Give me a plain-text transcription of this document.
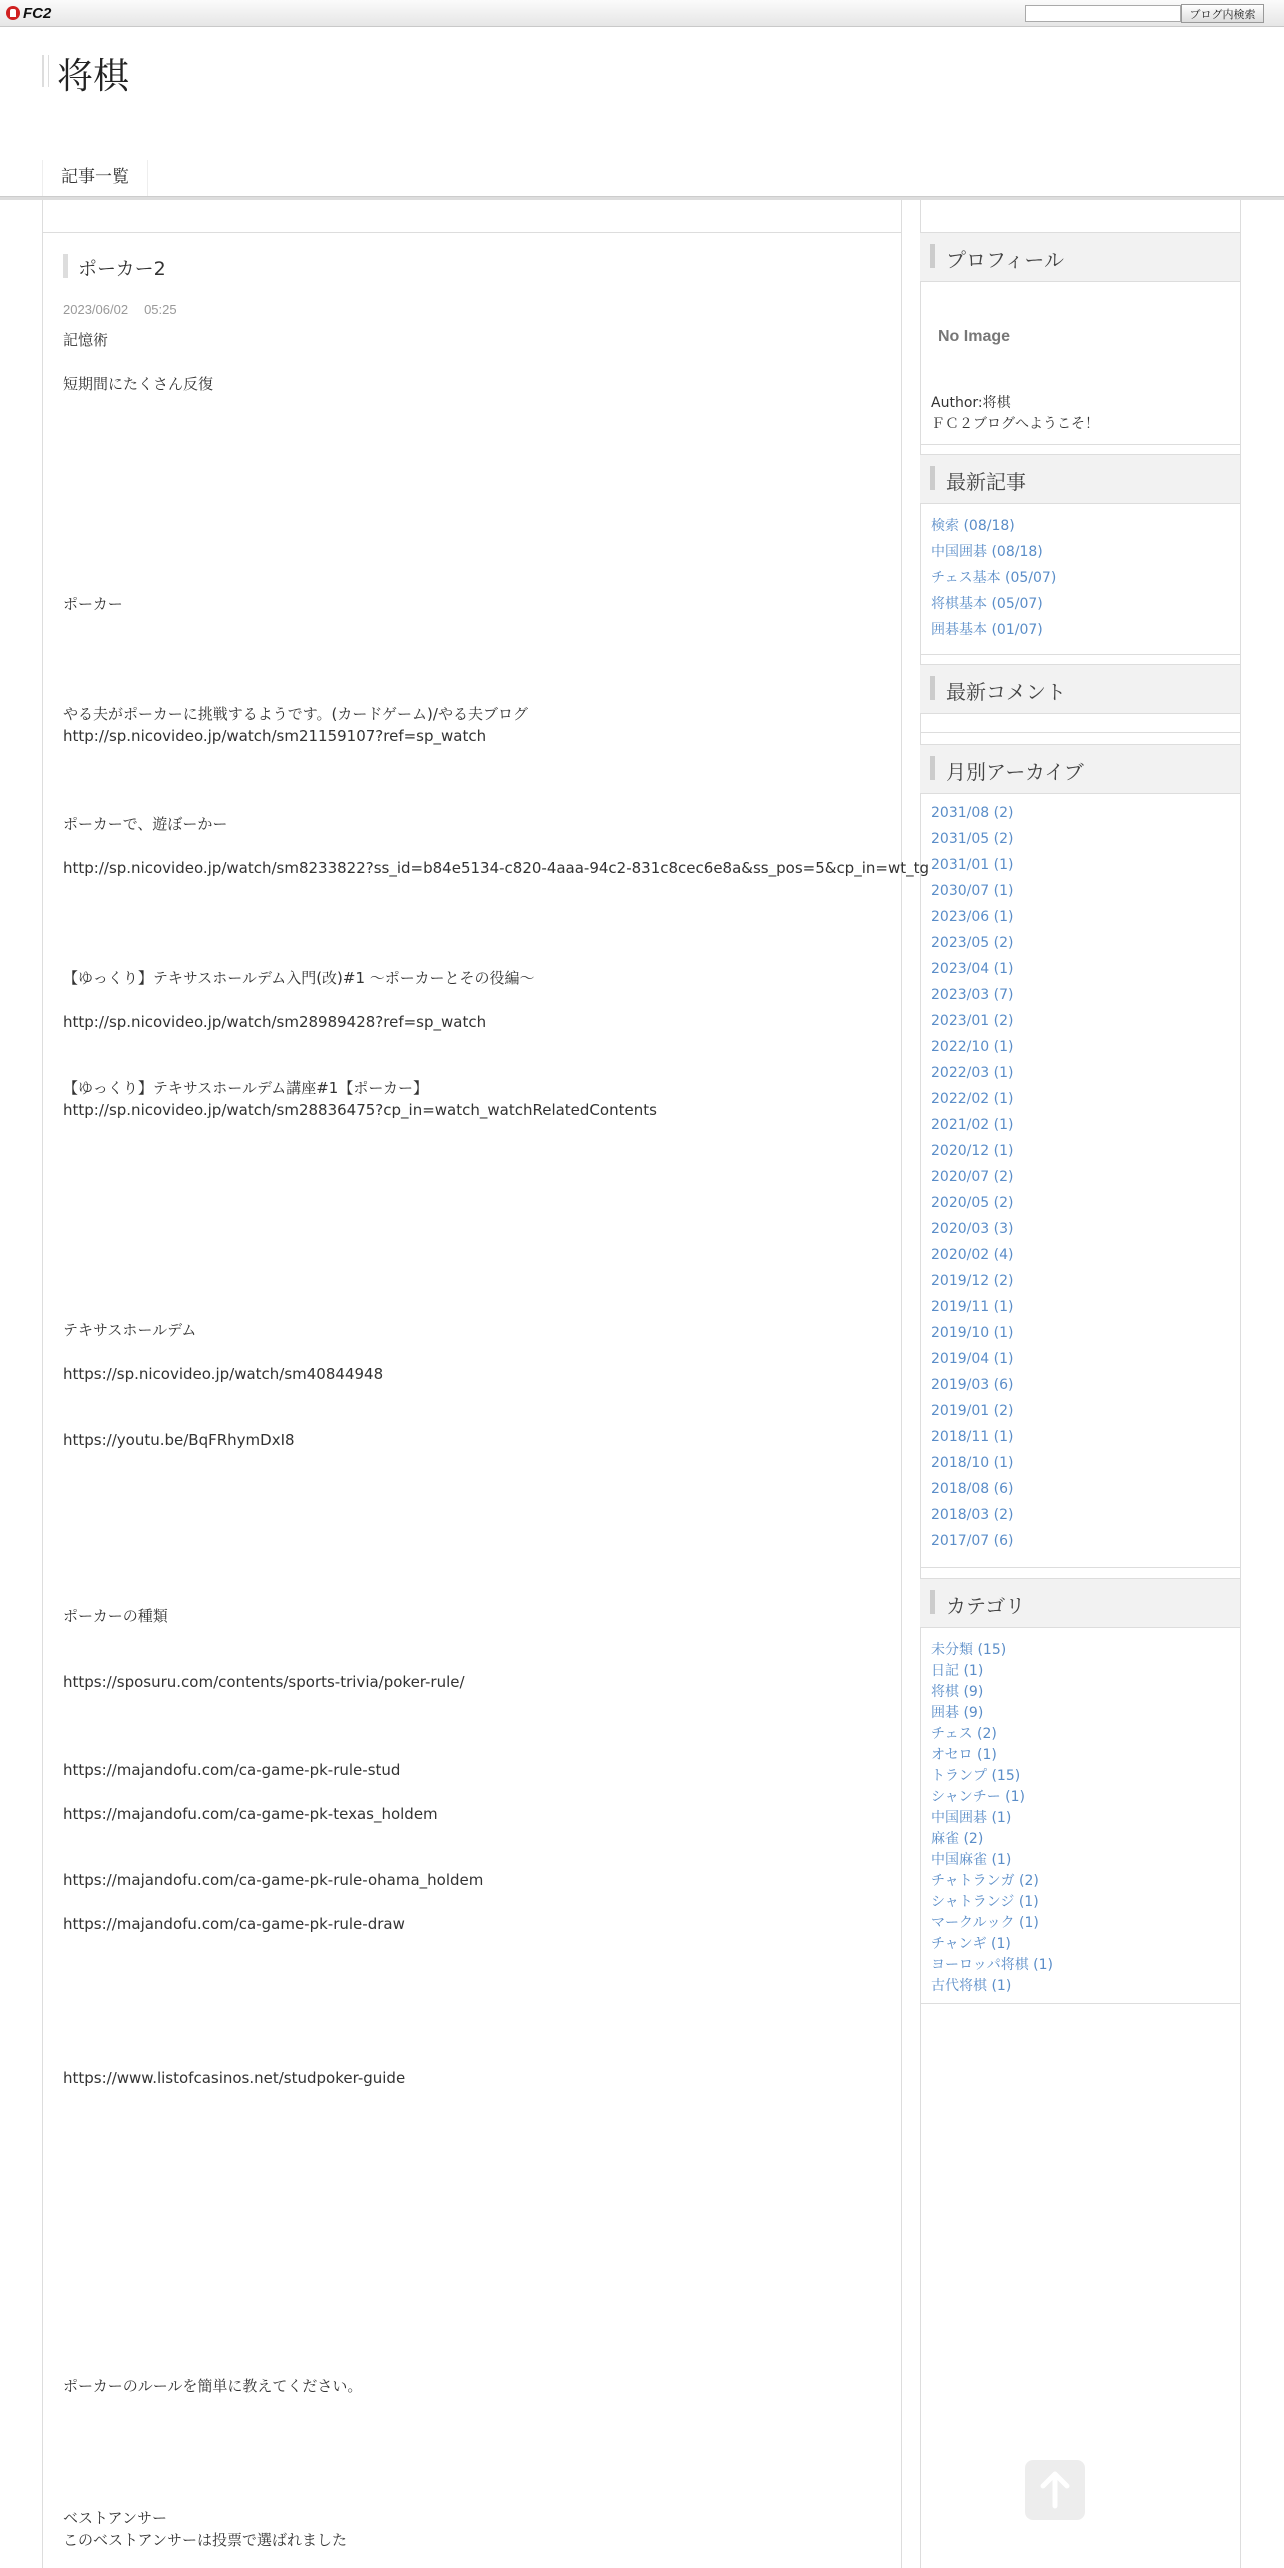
FC2	ブログ内検索
将棋
記事一覧
ポーカー2
2023/06/02 05:25
記憶術
短期間にたくさん反復
ポーカー
やる夫がポーカーに挑戦するようです。(カードゲーム)/やる夫ブログ
http://sp.nicovideo.jp/watch/sm21159107?ref=sp_watch
ポーカーで、遊ぼーかー
http://sp.nicovideo.jp/watch/sm8233822?ss_id=b84e5134-c820-4aaa-94c2-831c8cec6e8a&ss_pos=5&cp_in=wt_tg
【ゆっくり】テキサスホールデム入門(改)#1 ～ポーカーとその役編～
http://sp.nicovideo.jp/watch/sm28989428?ref=sp_watch
【ゆっくり】テキサスホールデム講座#1【ポーカー】
http://sp.nicovideo.jp/watch/sm28836475?cp_in=watch_watchRelatedContents
テキサスホールデム
https://sp.nicovideo.jp/watch/sm40844948
https://youtu.be/BqFRhymDxI8
ポーカーの種類
https://sposuru.com/contents/sports-trivia/poker-rule/
https://majandofu.com/ca-game-pk-rule-stud
https://majandofu.com/ca-game-pk-texas_holdem
https://majandofu.com/ca-game-pk-rule-ohama_holdem
https://majandofu.com/ca-game-pk-rule-draw
https://www.listofcasinos.net/studpoker-guide
ポーカーのルールを簡単に教えてください。
ベストアンサー
このベストアンサーは投票で選ばれました
プロフィール
No Image
Author:将棋
ＦＣ２ブログへようこそ！
最新記事
検索 (08/18)
中国囲碁 (08/18)
チェス基本 (05/07)
将棋基本 (05/07)
囲碁基本 (01/07)
最新コメント
月別アーカイブ
2031/08 (2)
2031/05 (2)
2031/01 (1)
2030/07 (1)
2023/06 (1)
2023/05 (2)
2023/04 (1)
2023/03 (7)
2023/01 (2)
2022/10 (1)
2022/03 (1)
2022/02 (1)
2021/02 (1)
2020/12 (1)
2020/07 (2)
2020/05 (2)
2020/03 (3)
2020/02 (4)
2019/12 (2)
2019/11 (1)
2019/10 (1)
2019/04 (1)
2019/03 (6)
2019/01 (2)
2018/11 (1)
2018/10 (1)
2018/08 (6)
2018/03 (2)
2017/07 (6)
カテゴリ
未分類 (15)
日記 (1)
将棋 (9)
囲碁 (9)
チェス (2)
オセロ (1)
トランプ (15)
シャンチー (1)
中国囲碁 (1)
麻雀 (2)
中国麻雀 (1)
チャトランガ (2)
シャトランジ (1)
マークルック (1)
チャンギ (1)
ヨーロッパ将棋 (1)
古代将棋 (1)
